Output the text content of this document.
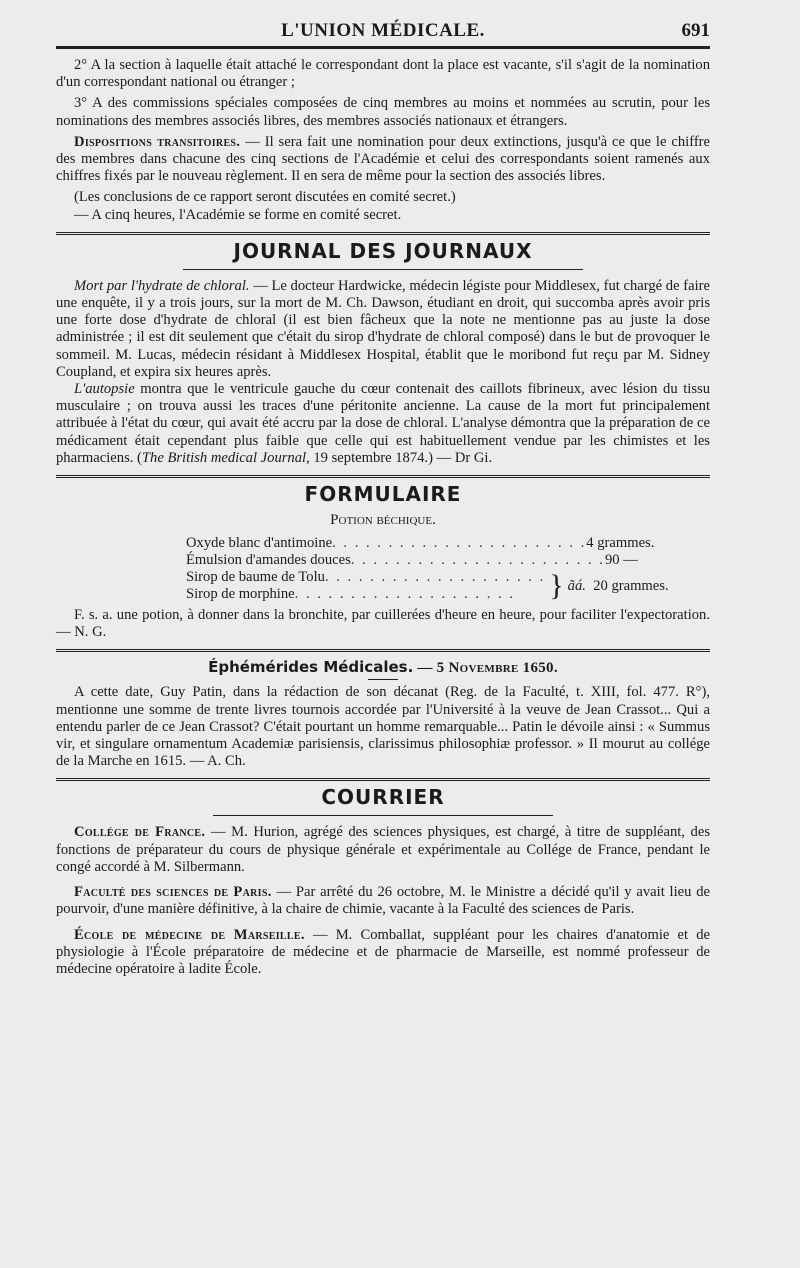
L'UNION MÉDICALE.	691

2° A la section à laquelle était attaché le correspondant dont la place est vacante, s'il s'agit de la nomination d'un correspondant national ou étranger ;

3° A des commissions spéciales composées de cinq membres au moins et nommées au scrutin, pour les nominations des membres associés libres, des membres associés nationaux et étrangers.

Dispositions transitoires. — Il sera fait une nomination pour deux extinctions, jusqu'à ce que le chiffre des membres dans chacune des cinq sections de l'Académie et celui des correspondants soient ramenés aux chiffres fixés par le nouveau règlement. Il en sera de même pour la section des associés libres.

(Les conclusions de ce rapport seront discutées en comité secret.)

— A cinq heures, l'Académie se forme en comité secret.

JOURNAL DES JOURNAUX

Mort par l'hydrate de chloral. — Le docteur Hardwicke, médecin légiste pour Middlesex, fut chargé de faire une enquête, il y a trois jours, sur la mort de M. Ch. Dawson, étudiant en droit, qui succomba après avoir pris une forte dose d'hydrate de chloral (il est bien fâcheux que la note ne mentionne pas au juste la dose administrée ; il est dit seulement que c'était du sirop d'hydrate de chloral composé) dans le but de provoquer le sommeil. M. Lucas, médecin résidant à Middlesex Hospital, établit que le moribond fut reçu par M. Sidney Coupland, et expira six heures après.

L'autopsie montra que le ventricule gauche du cœur contenait des caillots fibrineux, avec lésion du tissu musculaire ; on trouva aussi les traces d'une péritonite ancienne. La cause de la mort fut principalement attribuée à l'état du cœur, qui avait été accru par la dose de chloral. L'analyse démontra que la préparation de ce médicament était cependant plus faible que celle qui est habituellement vendue par les chimistes et les pharmaciens. (The British medical Journal, 19 septembre 1874.) — Dr Gi.

FORMULAIRE
Potion béchique.
Oxyde blanc d'antimoine . . . . . . . . . . . . . . . . . . . . . . . 4 grammes.
Émulsion d'amandes douces . . . . . . . . . . . . . . . . . . . . . . . 90 —
Sirop de baume de Tolu . . . . . . . . . . . . . . . . . . . .
Sirop de morphine . . . . . . . . . . . . . . . . . . . .	} ãá. 20 grammes.

F. s. a. une potion, à donner dans la bronchite, par cuillerées d'heure en heure, pour faciliter l'expectoration. — N. G.

Éphémérides Médicales. — 5 Novembre 1650.

A cette date, Guy Patin, dans la rédaction de son décanat (Reg. de la Faculté, t. XIII, fol. 477. R°), mentionne une somme de trente livres tournois accordée par l'Université à la veuve de Jean Crassot... Qui a entendu parler de ce Jean Crassot? C'était pourtant un homme remarquable... Patin le dévoile ainsi : « Summus vir, et singulare ornamentum Academiæ parisiensis, clarissimus philosophiæ professor. » Il mourut au collége de la Marche en 1615. — A. Ch.

COURRIER

Collége de France. — M. Hurion, agrégé des sciences physiques, est chargé, à titre de suppléant, des fonctions de préparateur du cours de physique générale et expérimentale au Collége de France, pendant le congé accordé à M. Silbermann.

Faculté des sciences de Paris. — Par arrêté du 26 octobre, M. le Ministre a décidé qu'il y avait lieu de pourvoir, d'une manière définitive, à la chaire de chimie, vacante à la Faculté des sciences de Paris.

École de médecine de Marseille. — M. Comballat, suppléant pour les chaires d'anatomie et de physiologie à l'École préparatoire de médecine et de pharmacie de Marseille, est nommé professeur de médecine opératoire à ladite École.
